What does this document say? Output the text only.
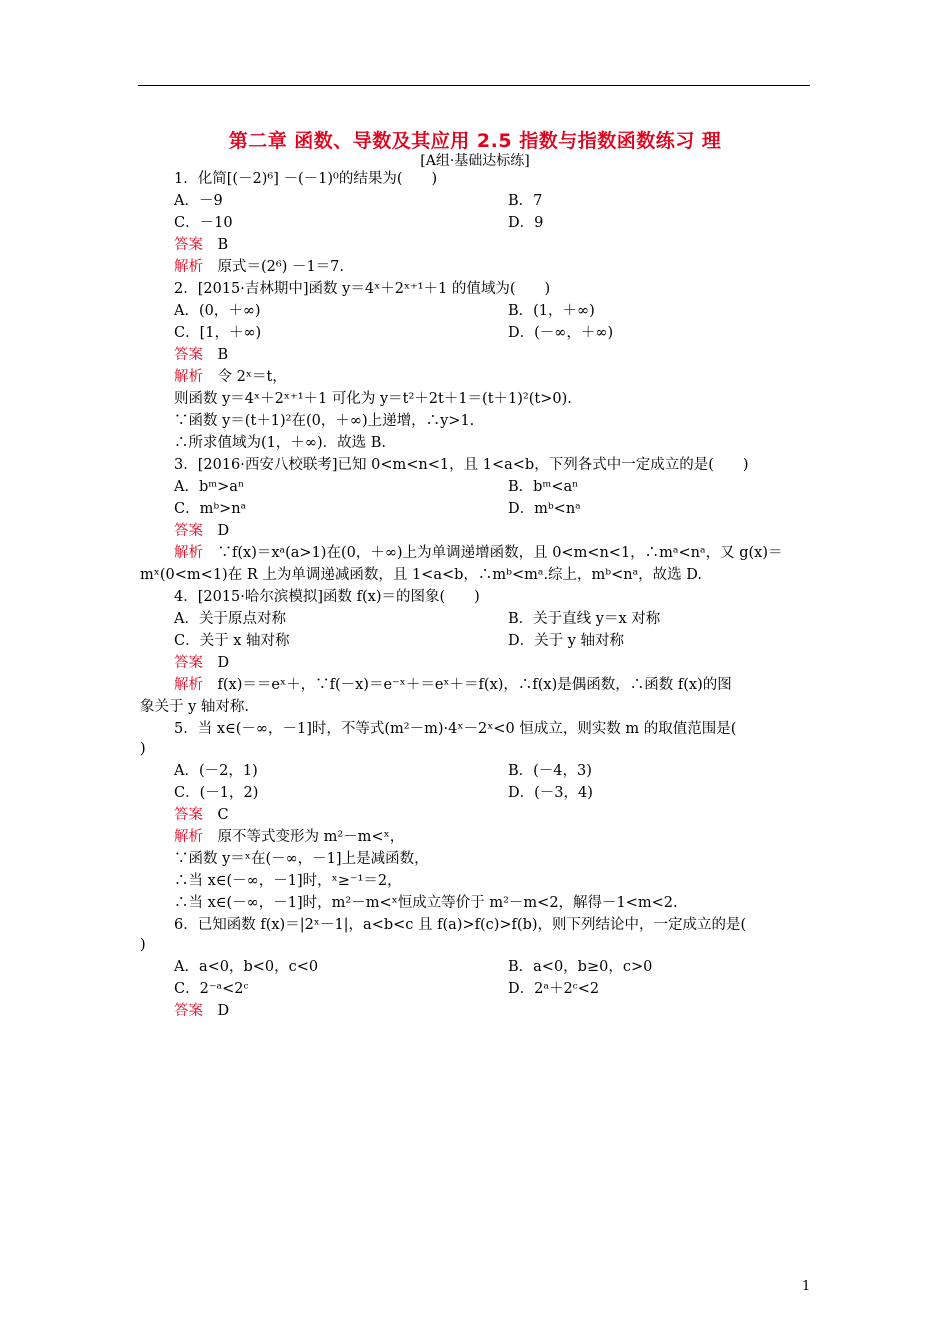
第二章 函数、导数及其应用 2.5 指数与指数函数练习 理
[A组·基础达标练]
1．化简[(－2)⁶] －(－1)⁰的结果为(　　)
A．－9	B．7
C．－10	D．9
答案　 B
解析　 原式＝(2⁶) －1＝7.
2．[2015·吉林期中]函数 y＝4ˣ＋2ˣ⁺¹＋1 的值域为(　　)
A．(0，＋∞)	B．(1，＋∞)
C．[1，＋∞)	D．(－∞，＋∞)
答案　 B
解析　 令 2ˣ＝t，
则函数 y＝4ˣ＋2ˣ⁺¹＋1 可化为 y＝t²＋2t＋1＝(t＋1)²(t>0).
∵函数 y＝(t＋1)²在(0，＋∞)上递增，∴y>1.
∴所求值域为(1，＋∞)．故选 B.
3．[2016·西安八校联考]已知 0<m<n<1，且 1<a<b，下列各式中一定成立的是(　　)
A．bᵐ>aⁿ	B．bᵐ<aⁿ
C．mᵇ>nᵃ	D．mᵇ<nᵃ
答案　 D
解析　 ∵f(x)＝xᵃ(a>1)在(0，＋∞)上为单调递增函数，且 0<m<n<1，∴mᵃ<nᵃ，又 g(x)＝
mˣ(0<m<1)在 R 上为单调递减函数，且 1<a<b，∴mᵇ<mᵃ.综上，mᵇ<nᵃ，故选 D.
4．[2015·哈尔滨模拟]函数 f(x)＝的图象(　　)
A．关于原点对称	B．关于直线 y＝x 对称
C．关于 x 轴对称	D．关于 y 轴对称
答案　 D
解析　 f(x)＝＝eˣ＋，∵f(－x)＝e⁻ˣ＋＝eˣ＋＝f(x)，∴f(x)是偶函数，∴函数 f(x)的图
象关于 y 轴对称.
5．当 x∈(－∞，－1]时，不等式(m²－m)·4ˣ－2ˣ<0 恒成立，则实数 m 的取值范围是(
)
A．(－2，1)	B．(－4，3)
C．(－1，2)	D．(－3，4)
答案　 C
解析　 原不等式变形为 m²－m<ˣ，
∵函数 y＝ˣ在(－∞，－1]上是减函数，
∴当 x∈(－∞，－1]时，ˣ≥⁻¹＝2，
∴当 x∈(－∞，－1]时，m²－m<ˣ恒成立等价于 m²－m<2，解得－1<m<2.
6．已知函数 f(x)＝|2ˣ－1|，a<b<c 且 f(a)>f(c)>f(b)，则下列结论中，一定成立的是(
)
A．a<0，b<0，c<0	B．a<0，b≥0，c>0
C．2⁻ᵃ<2ᶜ	D．2ᵃ＋2ᶜ<2
答案　 D
1
